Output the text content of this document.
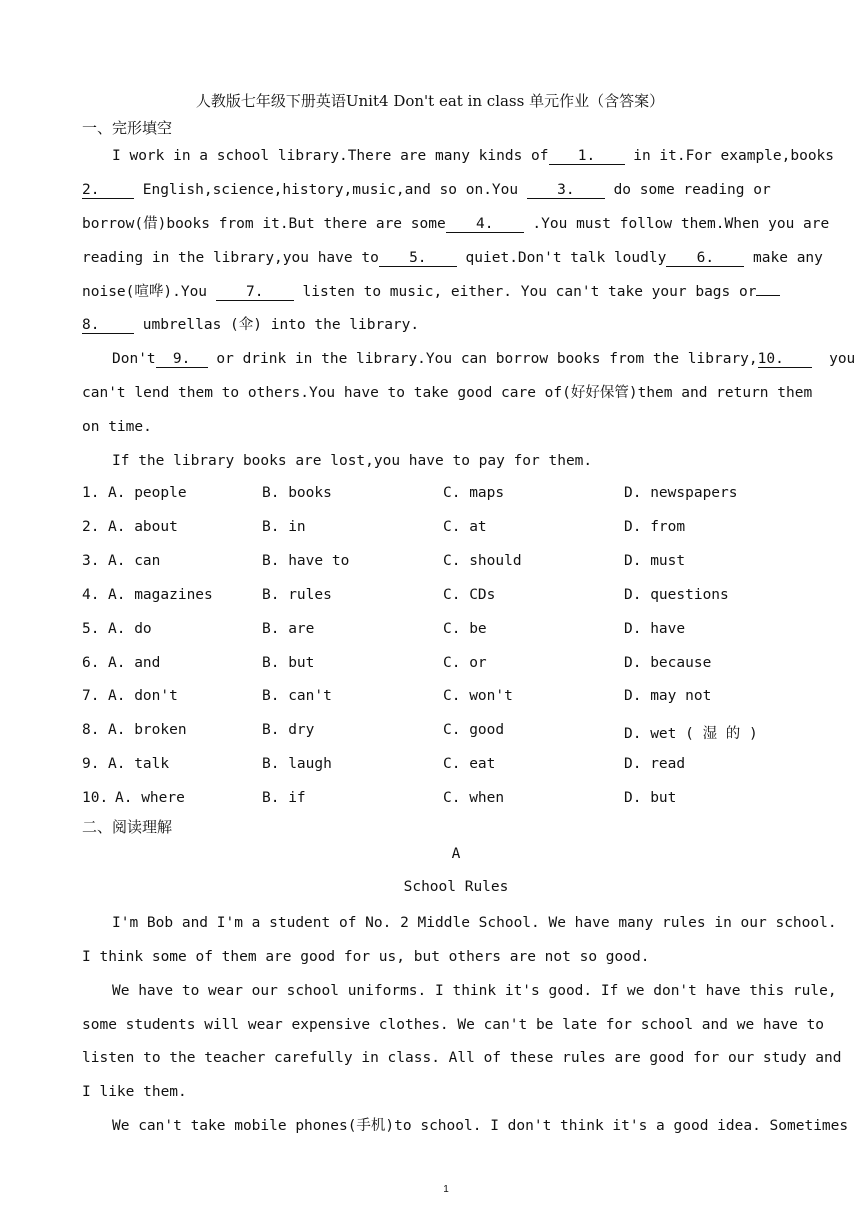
人教版七年级下册英语Unit4 Don't eat in class 单元作业（含答案）
一、完形填空
I work in a school library.There are many kinds of 1. in it.For example,books
2. English,science,history,music,and so on.You 3. do some reading or
borrow(借)books from it.But there are some 4. .You must follow them.When you are
reading in the library,you have to 5. quiet.Don't talk loudly 6. make any
noise(喧哗).You 7. listen to music, either. You can't take your bags or
8. umbrellas (伞) into the library.
Don't 9. or drink in the library.You can borrow books from the library,10.  you
can't lend them to others.You have to take good care of(好好保管)them and return them
on time.
If the library books are lost,you have to pay for them.
1. A. people	B. books	C. maps	D. newspapers
2. A. about	B. in	C. at	D. from
3. A. can	B. have to	C. should	D. must
4. A. magazines	B. rules	C. CDs	D. questions
5. A. do	B. are	C. be	D. have
6. A. and	B. but	C. or	D. because
7. A. don't	B. can't	C. won't	D. may not
8. A. broken	B. dry	C. good	D. wet ( 湿 的 )
9. A. talk	B. laugh	C. eat	D. read
10. A. where	B. if	C. when	D. but
二、阅读理解
A
School Rules
I'm Bob and I'm a student of No. 2 Middle School. We have many rules in our school.
I think some of them are good for us, but others are not so good.
We have to wear our school uniforms. I think it's good. If we don't have this rule,
some students will wear expensive clothes. We can't be late for school and we have to
listen to the teacher carefully in class. All of these rules are good for our study and
I like them.
We can't take mobile phones(手机)to school. I don't think it's a good idea. Sometimes
1
